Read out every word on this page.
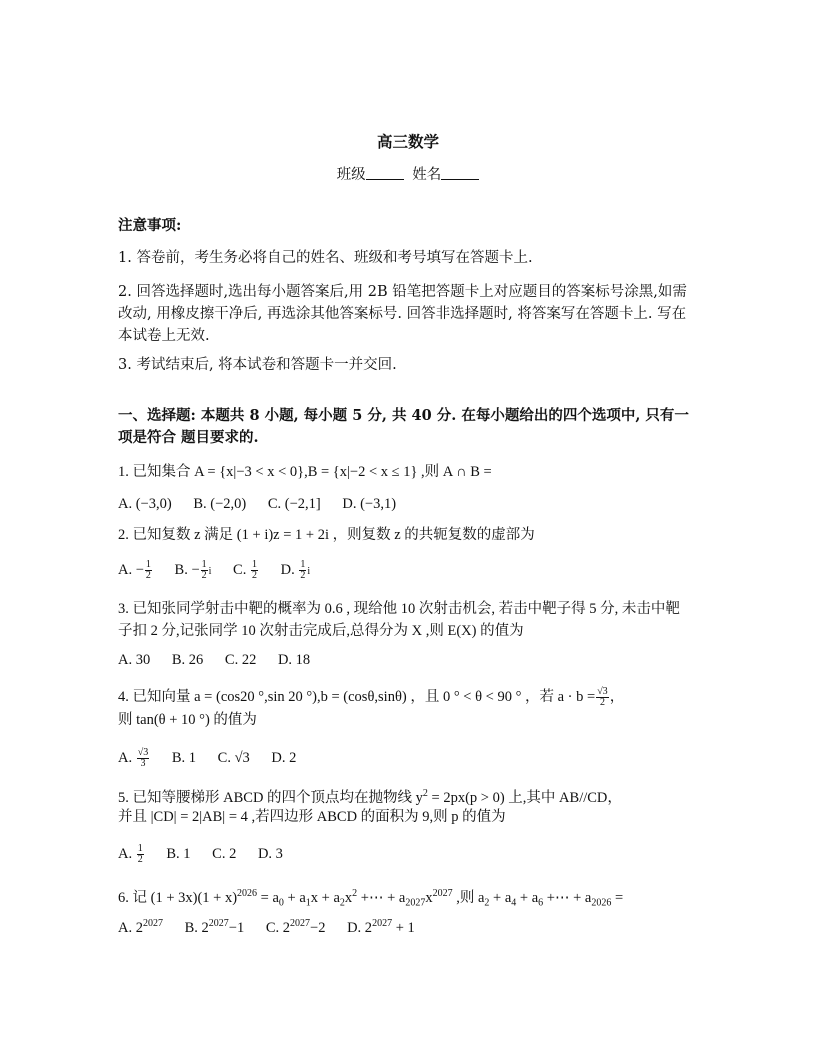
高三数学
班级	姓名
注意事项:
1. 答卷前，考生务必将自己的姓名、班级和考号填写在答题卡上.
2. 回答选择题时,选出每小题答案后,用 2B 铅笔把答题卡上对应题目的答案标号涂黑,如需改动, 用橡皮擦干净后, 再选涂其他答案标号. 回答非选择题时, 将答案写在答题卡上. 写在本试卷上无效.
3. 考试结束后, 将本试卷和答题卡一并交回.
一、选择题: 本题共 8 小题, 每小题 5 分, 共 40 分. 在每小题给出的四个选项中, 只有一项是符合 题目要求的.
1. 已知集合 A = {x|−3 < x < 0},B = {x|−2 < x ≤ 1} ,则 A ∩ B =
A. (−3,0) B. (−2,0) C. (−2,1] D. (−3,1)
2. 已知复数 z 满足 (1 + i)z = 1 + 2i ，则复数 z 的共轭复数的虚部为
A. − $\frac{1}{2} B$. − $\frac{1}{2}$ i C. $\frac{1}{2} D$. $\frac{1}{2}$ i
3. 已知张同学射击中靶的概率为 0.6 , 现给他 10 次射击机会, 若击中靶子得 5 分, 未击中靶子扣 2 分,记张同学 10 次射击完成后,总得分为 X ,则 E(X) 的值为
A. 30 B. 26 C. 22 D. 18
4. 已知向量 a = (cos20 °,sin 20 °),b = (cosθ,sinθ) ，且 0 ° < θ < 90 ° ，若 $a \cdot b = \frac{√3}{2}$ ，
则 tan(θ + 10 °) 的值为
A. $\frac{√3}{3} B$. 1 C. √3 D. 2
5. 已知等腰梯形 ABCD 的四个顶点均在抛物线 $y^2 = 2px(p > 0)$ 上,其中 AB//CD，
并且 |CD| = 2|AB| = 4 ,若四边形 ABCD 的面积为 9,则 p 的值为
A. $\frac{1}{2} B$. 1 C. 2 D. 3
6. 记 $(1 + 3x)(1 + x)^{2026} = a_0 + a_1x + a_2x^2$ +⋯ + $a_{2027}x^{2027}$ ,则 $a_2 + a_4 + a_6$ +⋯ + $a_{2026}$ =
A. $2^{2027}$ B. $2^{2027}-1$ C. $2^{2027}-2$ D. $2^{2027} + 1$
